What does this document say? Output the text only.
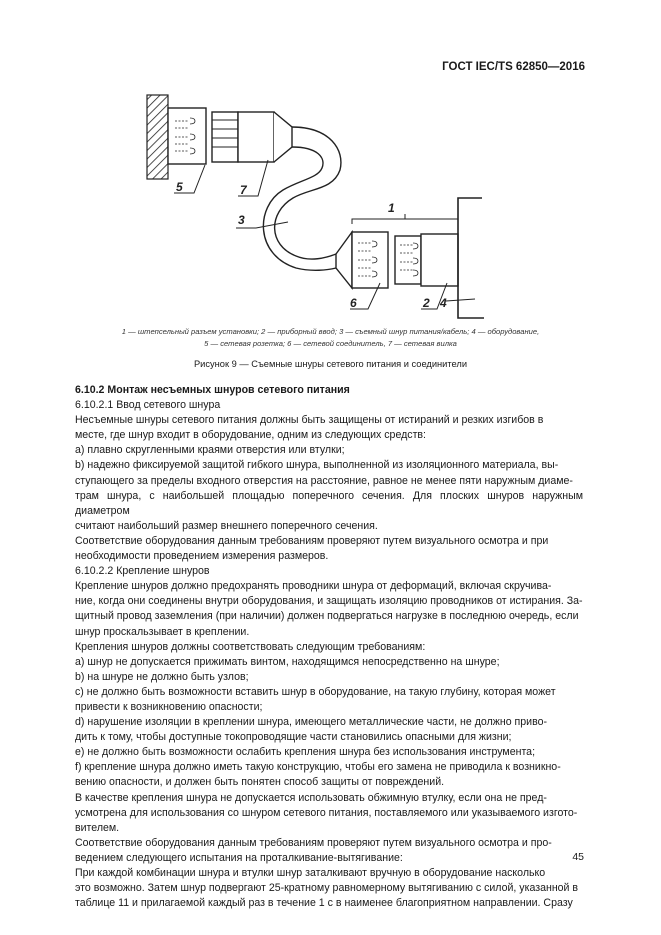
ГОСТ IEC/TS 62850—2016
5	7
3
1
6	2 4
1 — штепсельный разъем установки; 2 — приборный ввод; 3 — съемный шнур питания/кабель; 4 — оборудование,
5 — сетевая розетка; 6 — сетевой соединитель, 7 — сетевая вилка
Рисунок 9 — Съемные шнуры сетевого питания и соединители

6.10.2 Монтаж несъемных шнуров сетевого питания

6.10.2.1 Ввод сетевого шнура

Несъемные шнуры сетевого питания должны быть защищены от истираний и резких изгибов в

месте, где шнур входит в оборудование, одним из следующих средств:

a) плавно скругленными краями отверстия или втулки;

b) надежно фиксируемой защитой гибкого шнура, выполненной из изоляционного материала, вы-

ступающего за пределы входного отверстия на расстояние, равное не менее пяти наружным диаме-

трам шнура, с наибольшей площадью поперечного сечения. Для плоских шнуров наружным диаметром

считают наибольший размер внешнего поперечного сечения.

Соответствие оборудования данным требованиям проверяют путем визуального осмотра и при

необходимости проведением измерения размеров.

6.10.2.2 Крепление шнуров

Крепление шнуров должно предохранять проводники шнура от деформаций, включая скручива-

ние, когда они соединены внутри оборудования, и защищать изоляцию проводников от истирания. За-

щитный провод заземления (при наличии) должен подвергаться нагрузке в последнюю очередь, если

шнур проскальзывает в креплении.

Крепления шнуров должны соответствовать следующим требованиям:

a) шнур не допускается прижимать винтом, находящимся непосредственно на шнуре;

b) на шнуре не должно быть узлов;

c) не должно быть возможности вставить шнур в оборудование, на такую глубину, которая может

привести к возникновению опасности;

d) нарушение изоляции в креплении шнура, имеющего металлические части, не должно приво-

дить к тому, чтобы доступные токопроводящие части становились опасными для жизни;

e) не должно быть возможности ослабить крепления шнура без использования инструмента;

f) крепление шнура должно иметь такую конструкцию, чтобы его замена не приводила к возникно-

вению опасности, и должен быть понятен способ защиты от повреждений.

В качестве крепления шнура не допускается использовать обжимную втулку, если она не пред-

усмотрена для использования со шнуром сетевого питания, поставляемого или указываемого изгото-

вителем.

Соответствие оборудования данным требованиям проверяют путем визуального осмотра и про-

ведением следующего испытания на проталкивание-вытягивание:

При каждой комбинации шнура и втулки шнур заталкивают вручную в оборудование насколько

это возможно. Затем шнур подвергают 25-кратному равномерному вытягиванию с силой, указанной в

таблице 11 и прилагаемой каждый раз в течение 1 с в наименее благоприятном направлении. Сразу

45
